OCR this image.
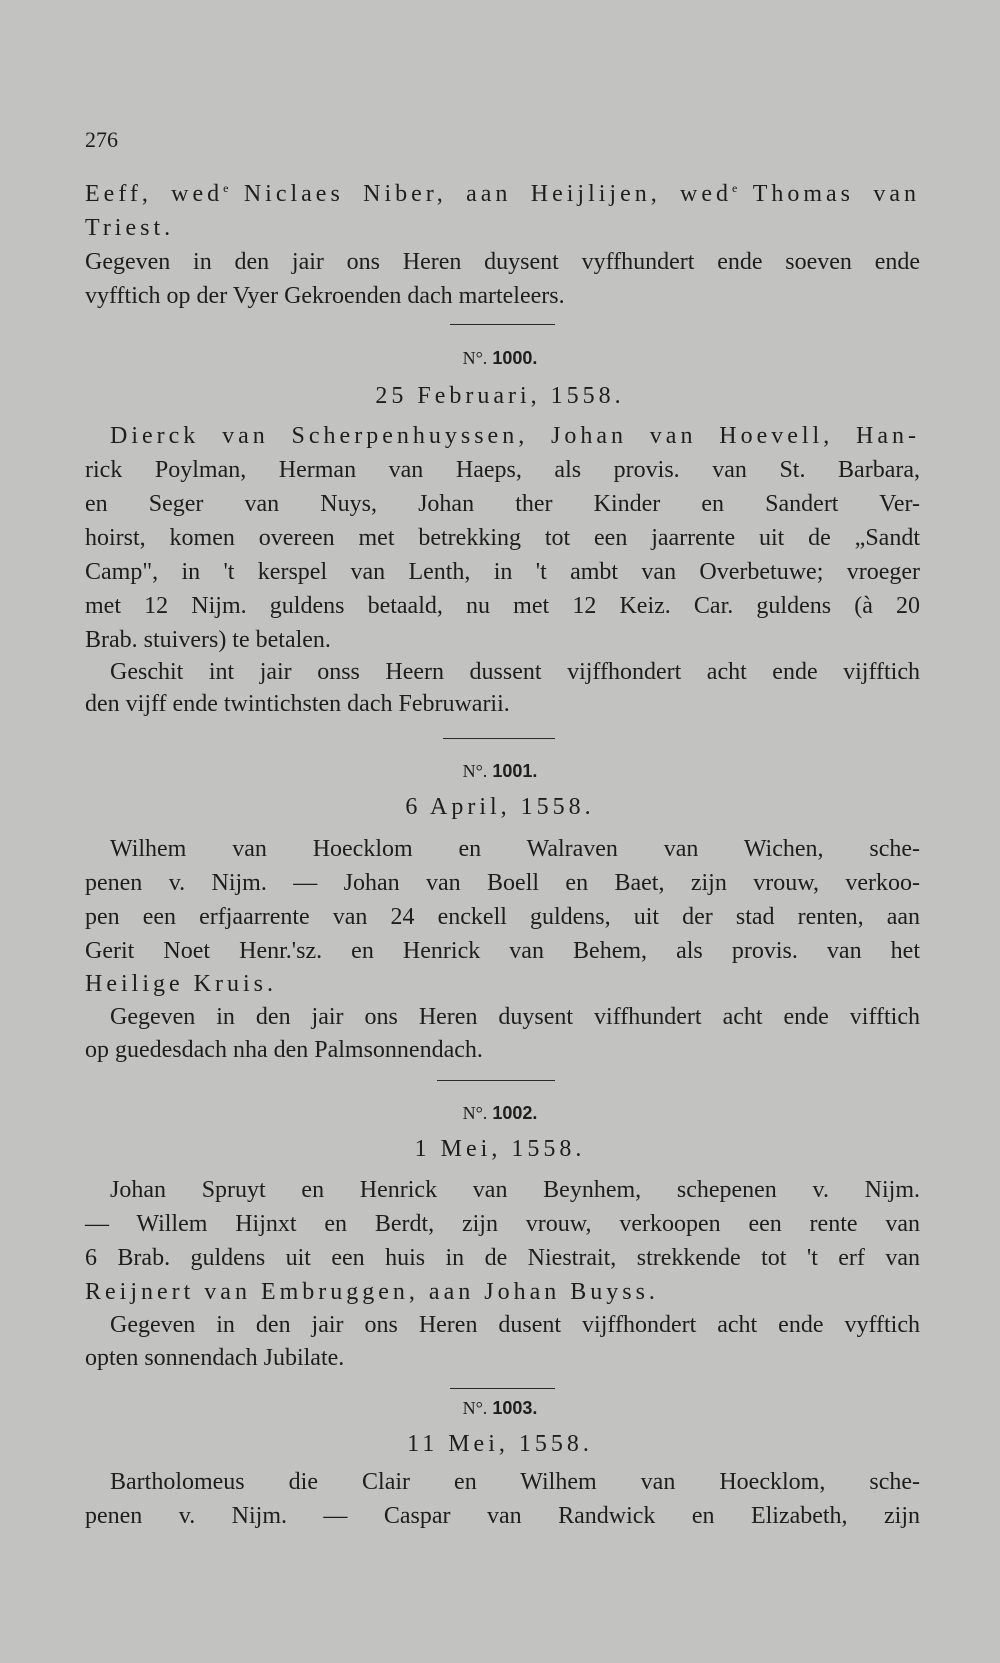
276
Eeff, wed$^e$ Niclaes Niber, aan Heijlijen, wed$^e$ Thomas van
Triest.
Gegeven in den jair ons Heren duysent vyffhundert ende soeven ende
vyfftich op der Vyer Gekroenden dach marteleers.
N°. 1000.
25 Februari, 1558.
Dierck van Scherpenhuyssen, Johan van Hoevell, Han-
rick Poylman, Herman van Haeps, als provis. van St. Barbara,
en Seger van Nuys, Johan ther Kinder en Sandert Ver-
hoirst, komen overeen met betrekking tot een jaarrente uit de „Sandt
Camp", in 't kerspel van Lenth, in 't ambt van Overbetuwe; vroeger
met 12 Nijm. guldens betaald, nu met 12 Keiz. Car. guldens (à 20
Brab. stuivers) te betalen.
Geschit int jair onss Heern dussent vijffhondert acht ende vijfftich
den vijff ende twintichsten dach Februwarii.
N°. 1001.
6 April, 1558.
Wilhem van Hoecklom en Walraven van Wichen, sche-
penen v. Nijm. — Johan van Boell en Baet, zijn vrouw, verkoo-
pen een erfjaarrente van 24 enckell guldens, uit der stad renten, aan
Gerit Noet Henr.'sz. en Henrick van Behem, als provis. van het
Heilige Kruis.
Gegeven in den jair ons Heren duysent viffhundert acht ende vifftich
op guedesdach nha den Palmsonnendach.
N°. 1002.
1 Mei, 1558.
Johan Spruyt en Henrick van Beynhem, schepenen v. Nijm.
— Willem Hijnxt en Berdt, zijn vrouw, verkoopen een rente van
6 Brab. guldens uit een huis in de Niestrait, strekkende tot 't erf van
Reijnert van Embruggen, aan Johan Buyss.
Gegeven in den jair ons Heren dusent vijffhondert acht ende vyfftich
opten sonnendach Jubilate.
N°. 1003.
11 Mei, 1558.
Bartholomeus die Clair en Wilhem van Hoecklom, sche-
penen v. Nijm. — Caspar van Randwick en Elizabeth, zijn
